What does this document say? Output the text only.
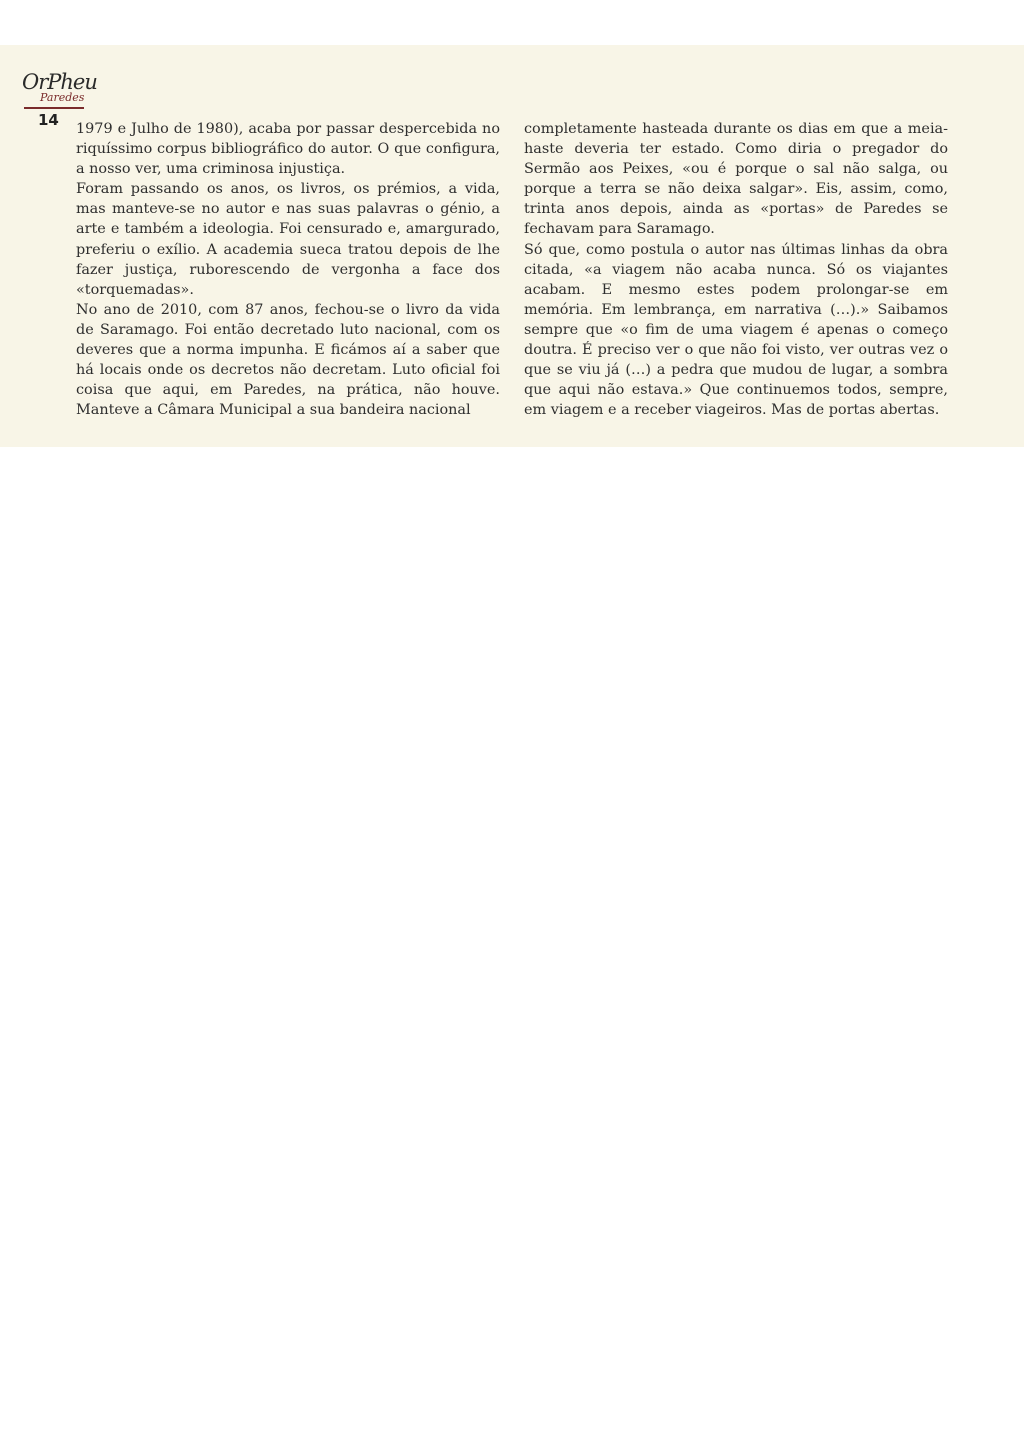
OrPheu
Paredes
14 1979 e Julho de 1980), acaba por passar despercebida no riquíssimo corpus bibliográfico do autor. O que configura, a nosso ver, uma criminosa injustiça.

Foram passando os anos, os livros, os prémios, a vida, mas manteve-se no autor e nas suas palavras o génio, a arte e também a ideologia. Foi censurado e, amargurado, preferiu o exílio. A academia sueca tratou depois de lhe fazer justiça, ruborescendo de vergonha a face dos «torquemadas».

No ano de 2010, com 87 anos, fechou-se o livro da vida de Saramago. Foi então decretado luto nacional, com os deveres que a norma impunha. E ficámos aí a saber que há locais onde os decretos não decretam. Luto oficial foi coisa que aqui, em Paredes, na prática, não houve. Manteve a Câmara Municipal a sua bandeira nacional

completamente hasteada durante os dias em que a meia-haste deveria ter estado. Como diria o pregador do Sermão aos Peixes, «ou é porque o sal não salga, ou porque a terra se não deixa salgar». Eis, assim, como, trinta anos depois, ainda as «portas» de Paredes se fechavam para Saramago.

Só que, como postula o autor nas últimas linhas da obra citada, «a viagem não acaba nunca. Só os viajantes acabam. E mesmo estes podem prolongar-se em memória. Em lembrança, em narrativa (…).» Saibamos sempre que «o fim de uma viagem é apenas o começo doutra. É preciso ver o que não foi visto, ver outras vez o que se viu já (…) a pedra que mudou de lugar, a sombra que aqui não estava.» Que continuemos todos, sempre, em viagem e a receber viageiros. Mas de portas abertas.
